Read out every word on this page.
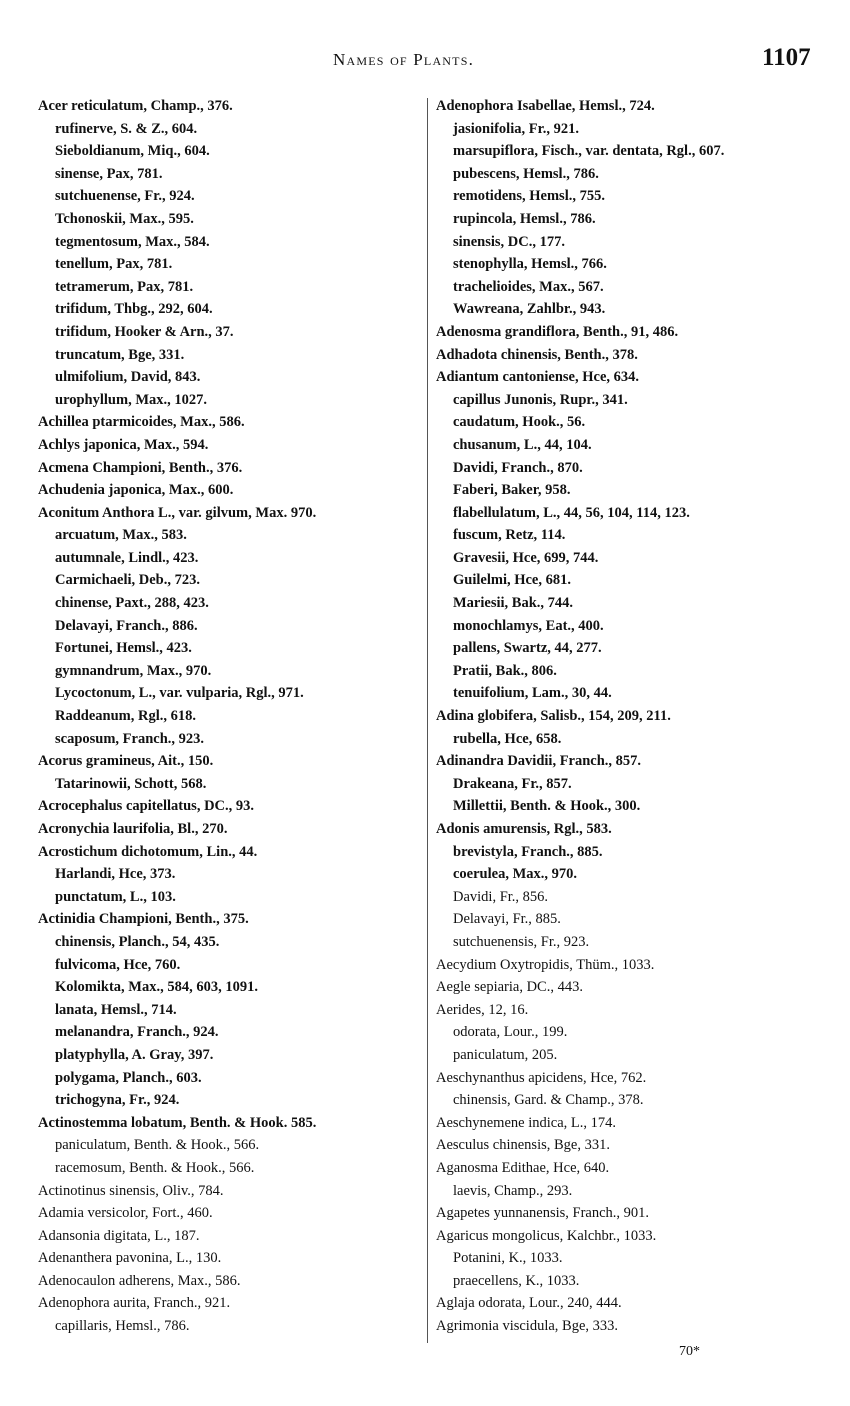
Names of Plants.	1107
Acer reticulatum, Champ., 376.
rufinerve, S. & Z., 604.
Sieboldianum, Miq., 604.
sinense, Pax, 781.
sutchuenense, Fr., 924.
Tchonoskii, Max., 595.
tegmentosum, Max., 584.
tenellum, Pax, 781.
tetramerum, Pax, 781.
trifidum, Thbg., 292, 604.
trifidum, Hooker & Arn., 37.
truncatum, Bge, 331.
ulmifolium, David, 843.
urophyllum, Max., 1027.
Achillea ptarmicoides, Max., 586.
Achlys japonica, Max., 594.
Acmena Championi, Benth., 376.
Achudenia japonica, Max., 600.
Aconitum Anthora L., var. gilvum, Max. 970.
arcuatum, Max., 583.
autumnale, Lindl., 423.
Carmichaeli, Deb., 723.
chinense, Paxt., 288, 423.
Delavayi, Franch., 886.
Fortunei, Hemsl., 423.
gymnandrum, Max., 970.
Lycoctonum, L., var. vulparia, Rgl., 971.
Raddeanum, Rgl., 618.
scaposum, Franch., 923.
Acorus gramineus, Ait., 150.
Tatarinowii, Schott, 568.
Acrocephalus capitellatus, DC., 93.
Acronychia laurifolia, Bl., 270.
Acrostichum dichotomum, Lin., 44.
Harlandi, Hce, 373.
punctatum, L., 103.
Actinidia Championi, Benth., 375.
chinensis, Planch., 54, 435.
fulvicoma, Hce, 760.
Kolomikta, Max., 584, 603, 1091.
lanata, Hemsl., 714.
melanandra, Franch., 924.
platyphylla, A. Gray, 397.
polygama, Planch., 603.
trichogyna, Fr., 924.
Actinostemma lobatum, Benth. & Hook. 585.
paniculatum, Benth. & Hook., 566.
racemosum, Benth. & Hook., 566.
Actinotinus sinensis, Oliv., 784.
Adamia versicolor, Fort., 460.
Adansonia digitata, L., 187.
Adenanthera pavonina, L., 130.
Adenocaulon adherens, Max., 586.
Adenophora aurita, Franch., 921.
capillaris, Hemsl., 786.
Adenophora Isabellae, Hemsl., 724.
jasionifolia, Fr., 921.
marsupiflora, Fisch., var. dentata, Rgl., 607.
pubescens, Hemsl., 786.
remotidens, Hemsl., 755.
rupincola, Hemsl., 786.
sinensis, DC., 177.
stenophylla, Hemsl., 766.
trachelioides, Max., 567.
Wawreana, Zahlbr., 943.
Adenosma grandiflora, Benth., 91, 486.
Adhadota chinensis, Benth., 378.
Adiantum cantoniense, Hce, 634.
capillus Junonis, Rupr., 341.
caudatum, Hook., 56.
chusanum, L., 44, 104.
Davidi, Franch., 870.
Faberi, Baker, 958.
flabellulatum, L., 44, 56, 104, 114, 123.
fuscum, Retz, 114.
Gravesii, Hce, 699, 744.
Guilelmi, Hce, 681.
Mariesii, Bak., 744.
monochlamys, Eat., 400.
pallens, Swartz, 44, 277.
Pratii, Bak., 806.
tenuifolium, Lam., 30, 44.
Adina globifera, Salisb., 154, 209, 211.
rubella, Hce, 658.
Adinandra Davidii, Franch., 857.
Drakeana, Fr., 857.
Millettii, Benth. & Hook., 300.
Adonis amurensis, Rgl., 583.
brevistyla, Franch., 885.
coerulea, Max., 970.
Davidi, Fr., 856.
Delavayi, Fr., 885.
sutchuenensis, Fr., 923.
Aecydium Oxytropidis, Thüm., 1033.
Aegle sepiaria, DC., 443.
Aerides, 12, 16.
odorata, Lour., 199.
paniculatum, 205.
Aeschynanthus apicidens, Hce, 762.
chinensis, Gard. & Champ., 378.
Aeschynemene indica, L., 174.
Aesculus chinensis, Bge, 331.
Aganosma Edithae, Hce, 640.
laevis, Champ., 293.
Agapetes yunnanensis, Franch., 901.
Agaricus mongolicus, Kalchbr., 1033.
Potanini, K., 1033.
praecellens, K., 1033.
Aglaja odorata, Lour., 240, 444.
Agrimonia viscidula, Bge, 333.
70*
